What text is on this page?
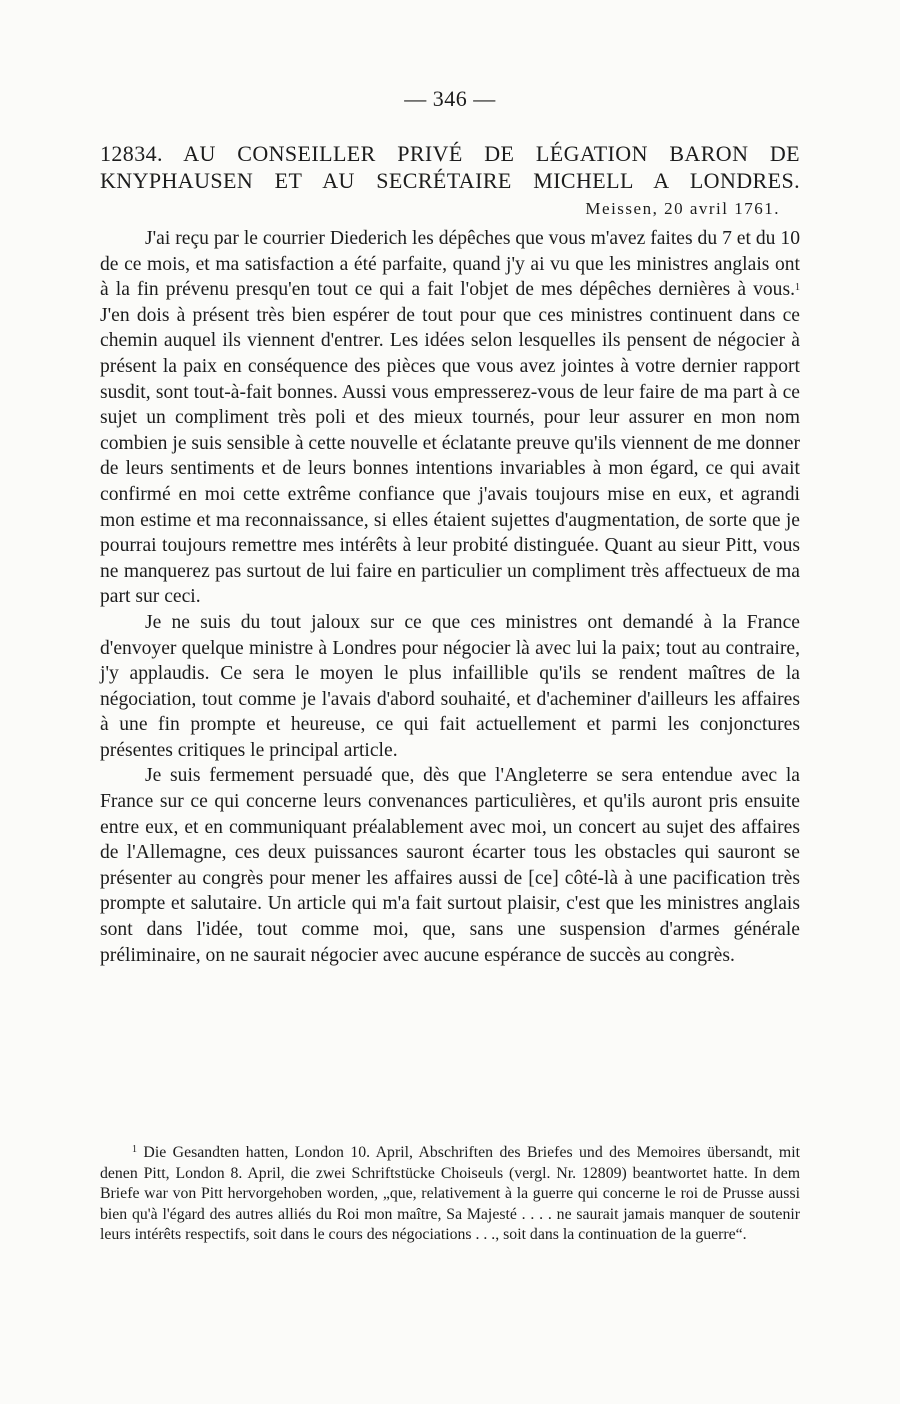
— 346 —
12834. AU CONSEILLER PRIVÉ DE LÉGATION BARON DE
KNYPHAUSEN ET AU SECRÉTAIRE MICHELL A LONDRES.
Meissen, 20 avril 1761.

J'ai reçu par le courrier Diederich les dépêches que vous m'avez faites du 7 et du 10 de ce mois, et ma satisfaction a été parfaite, quand j'y ai vu que les ministres anglais ont à la fin prévenu presqu'en tout ce qui a fait l'objet de mes dépêches dernières à vous.$^1$ J'en dois à présent très bien espérer de tout pour que ces ministres continuent dans ce chemin auquel ils viennent d'entrer. Les idées selon lesquelles ils pensent de négocier à présent la paix en conséquence des pièces que vous avez jointes à votre dernier rapport susdit, sont tout-à-fait bonnes. Aussi vous empresserez-vous de leur faire de ma part à ce sujet un compliment très poli et des mieux tournés, pour leur assurer en mon nom combien je suis sensible à cette nouvelle et éclatante preuve qu'ils viennent de me donner de leurs sentiments et de leurs bonnes intentions invariables à mon égard, ce qui avait confirmé en moi cette extrême confiance que j'avais toujours mise en eux, et agrandi mon estime et ma reconnaissance, si elles étaient sujettes d'augmentation, de sorte que je pourrai toujours remettre mes intérêts à leur probité distinguée. Quant au sieur Pitt, vous ne manquerez pas surtout de lui faire en particulier un compliment très affectueux de ma part sur ceci.

Je ne suis du tout jaloux sur ce que ces ministres ont demandé à la France d'envoyer quelque ministre à Londres pour négocier là avec lui la paix; tout au contraire, j'y applaudis. Ce sera le moyen le plus infaillible qu'ils se rendent maîtres de la négociation, tout comme je l'avais d'abord souhaité, et d'acheminer d'ailleurs les affaires à une fin prompte et heureuse, ce qui fait actuellement et parmi les conjonctures présentes critiques le principal article.

Je suis fermement persuadé que, dès que l'Angleterre se sera entendue avec la France sur ce qui concerne leurs convenances particulières, et qu'ils auront pris ensuite entre eux, et en communiquant préalablement avec moi, un concert au sujet des affaires de l'Allemagne, ces deux puissances sauront écarter tous les obstacles qui sauront se présenter au congrès pour mener les affaires aussi de [ce] côté-là à une pacification très prompte et salutaire. Un article qui m'a fait surtout plaisir, c'est que les ministres anglais sont dans l'idée, tout comme moi, que, sans une suspension d'armes générale préliminaire, on ne saurait négocier avec aucune espérance de succès au congrès.

$^1$ Die Gesandten hatten, London 10. April, Abschriften des Briefes und des Memoires übersandt, mit denen Pitt, London 8. April, die zwei Schriftstücke Choiseuls (vergl. Nr. 12809) beantwortet hatte. In dem Briefe war von Pitt hervorgehoben worden, „que, relativement à la guerre qui concerne le roi de Prusse aussi bien qu'à l'égard des autres alliés du Roi mon maître, Sa Majesté . . . . ne saurait jamais manquer de soutenir leurs intérêts respectifs, soit dans le cours des négociations . . ., soit dans la continuation de la guerre“.
